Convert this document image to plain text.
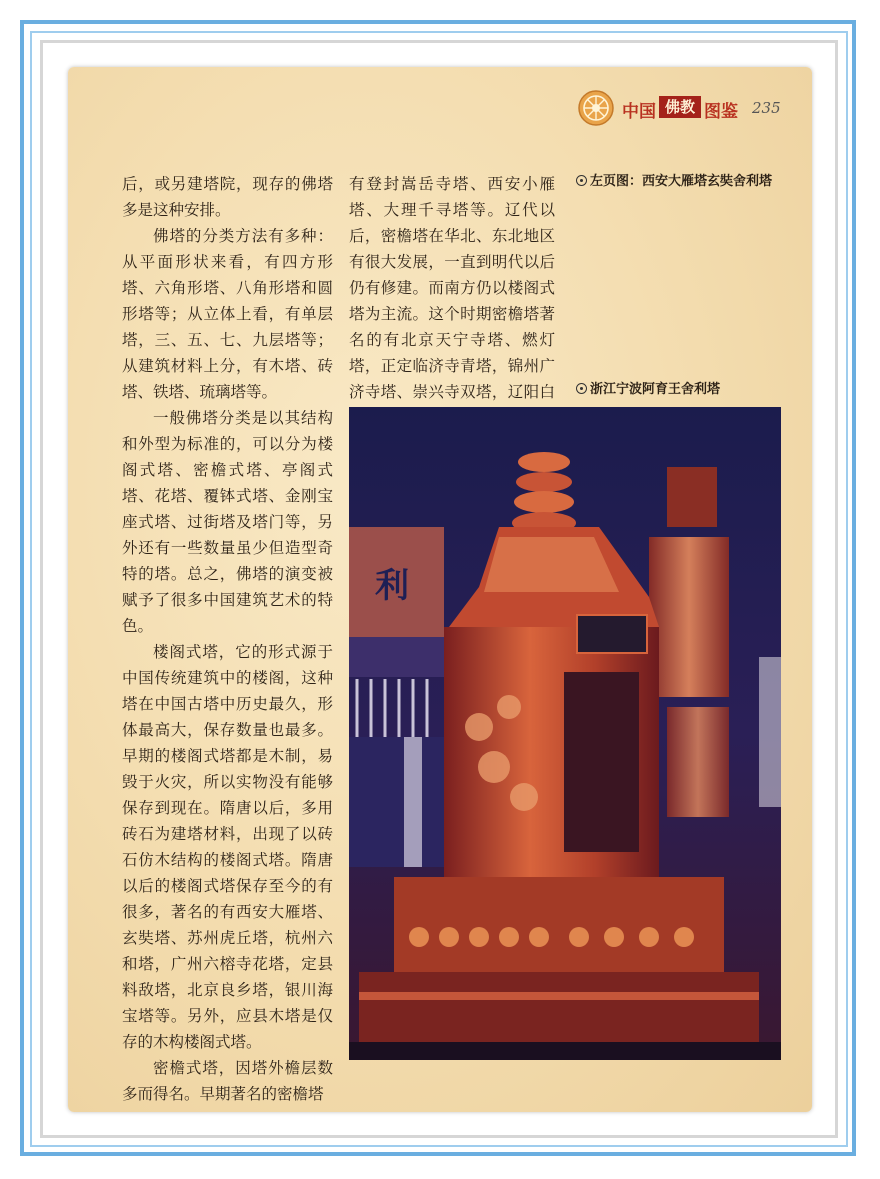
中国 佛教 图鉴 235

后，或另建塔院，现存的佛塔多是这种安排。

佛塔的分类方法有多种：从平面形状来看，有四方形塔、六角形塔、八角形塔和圆形塔等；从立体上看，有单层塔，三、五、七、九层塔等；从建筑材料上分，有木塔、砖塔、铁塔、琉璃塔等。

一般佛塔分类是以其结构和外型为标准的，可以分为楼阁式塔、密檐式塔、亭阁式塔、花塔、覆钵式塔、金刚宝座式塔、过街塔及塔门等，另外还有一些数量虽少但造型奇特的塔。总之，佛塔的演变被赋予了很多中国建筑艺术的特色。

楼阁式塔，它的形式源于中国传统建筑中的楼阁，这种塔在中国古塔中历史最久，形体最高大，保存数量也最多。早期的楼阁式塔都是木制，易毁于火灾，所以实物没有能够保存到现在。隋唐以后，多用砖石为建塔材料，出现了以砖石仿木结构的楼阁式塔。隋唐以后的楼阁式塔保存至今的有很多，著名的有西安大雁塔、玄奘塔、苏州虎丘塔，杭州六和塔，广州六榕寺花塔，定县料敌塔，北京良乡塔，银川海宝塔等。另外，应县木塔是仅存的木构楼阁式塔。

密檐式塔，因塔外檐层数多而得名。早期著名的密檐塔

有登封嵩岳寺塔、西安小雁塔、大理千寻塔等。辽代以后，密檐塔在华北、东北地区有很大发展，一直到明代以后仍有修建。而南方仍以楼阁式塔为主流。这个时期密檐塔著名的有北京天宁寺塔、燃灯塔，正定临济寺青塔，锦州广济寺塔、崇兴寺双塔，辽阳白

左页图：西安大雁塔玄奘舍利塔
浙江宁波阿育王舍利塔
利
